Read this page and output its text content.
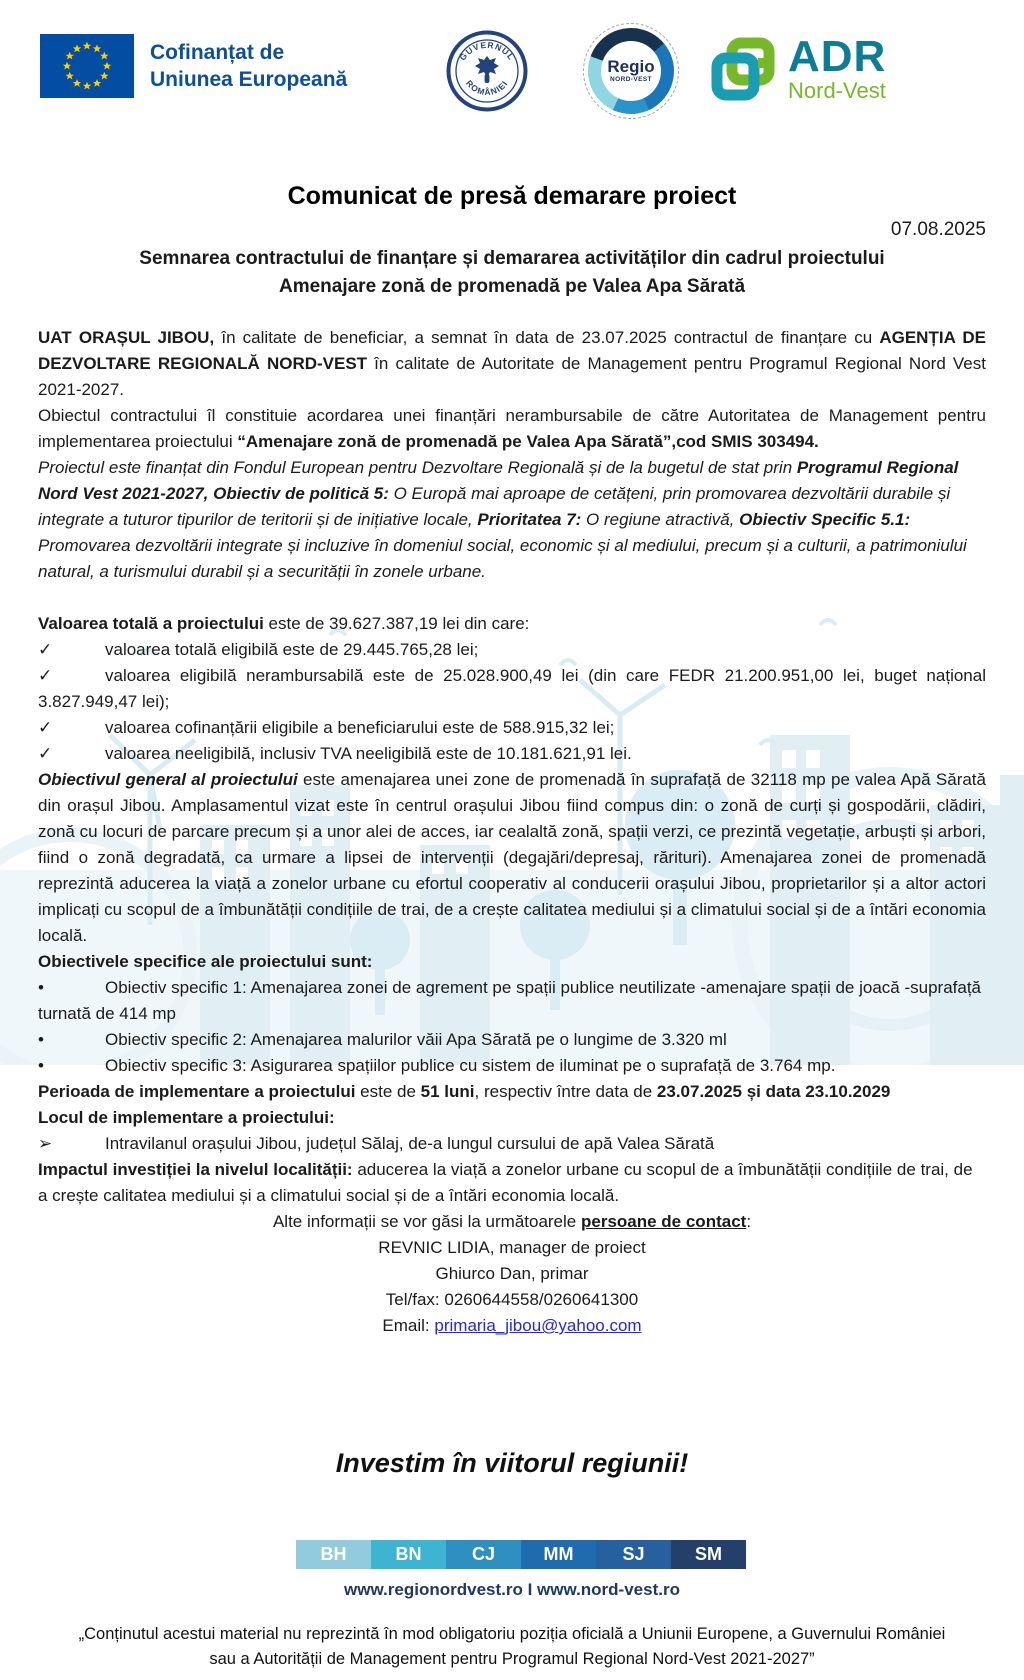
Cofinanțat de
Uniunea Europeană
GUVERNUL
ROMÂNIEI
Regio
NORD-VEST	ADR
Nord-Vest
Comunicat de presă demarare proiect
07.08.2025
Semnarea contractului de finanțare și demararea activităților din cadrul proiectului
Amenajare zonă de promenadă pe Valea Apa Sărată

UAT ORAȘUL JIBOU, în calitate de beneficiar, a semnat în data de 23.07.2025 contractul de finanțare cu AGENȚIA DE DEZVOLTARE REGIONALĂ NORD-VEST în calitate de Autoritate de Management pentru Programul Regional Nord Vest 2021-2027.

Obiectul contractului îl constituie acordarea unei finanțări nerambursabile de către Autoritatea de Management pentru implementarea proiectului “Amenajare zonă de promenadă pe Valea Apa Sărată”,cod SMIS 303494.

Proiectul este finanțat din Fondul European pentru Dezvoltare Regională și de la bugetul de stat prin Programul Regional Nord Vest 2021-2027, Obiectiv de politică 5: O Europă mai aproape de cetățeni, prin promovarea dezvoltării durabile și integrate a tuturor tipurilor de teritorii și de inițiative locale, Prioritatea 7: O regiune atractivă, Obiectiv Specific 5.1: Promovarea dezvoltării integrate și incluzive în domeniul social, economic și al mediului, precum și a culturii, a patrimoniului natural, a turismului durabil și a securității în zonele urbane.

Valoarea totală a proiectului este de 39.627.387,19 lei din care:

✓	valoarea totală eligibilă este de 29.445.765,28 lei;

✓	valoarea eligibilă nerambursabilă este de 25.028.900,49 lei (din care FEDR 21.200.951,00 lei, buget național 3.827.949,47 lei);

✓	valoarea cofinanțării eligibile a beneficiarului este de 588.915,32 lei;

✓	valoarea neeligibilă, inclusiv TVA neeligibilă este de 10.181.621,91 lei.

Obiectivul general al proiectului este amenajarea unei zone de promenadă în suprafață de 32118 mp pe valea Apă Sărată din orașul Jibou. Amplasamentul vizat este în centrul orașului Jibou fiind compus din: o zonă de curți și gospodării, clădiri, zonă cu locuri de parcare precum și a unor alei de acces, iar cealaltă zonă, spații verzi, ce prezintă vegetație, arbuști și arbori, fiind o zonă degradată, ca urmare a lipsei de intervenții (degajări/depresaj, rărituri). Amenajarea zonei de promenadă reprezintă aducerea la viață a zonelor urbane cu efortul cooperativ al conducerii orașului Jibou, proprietarilor și a altor actori implicați cu scopul de a îmbunătății condițiile de trai, de a crește calitatea mediului și a climatului social și de a întări economia locală.

Obiectivele specifice ale proiectului sunt:

•	Obiectiv specific 1: Amenajarea zonei de agrement pe spații publice neutilizate -amenajare spații de joacă -suprafață turnată de 414 mp

•	Obiectiv specific 2: Amenajarea malurilor văii Apa Sărată pe o lungime de 3.320 ml

•	Obiectiv specific 3: Asigurarea spațiilor publice cu sistem de iluminat pe o suprafață de 3.764 mp.

Perioada de implementare a proiectului este de 51 luni, respectiv între data de 23.07.2025 și data 23.10.2029

Locul de implementare a proiectului:

➢	Intravilanul orașului Jibou, județul Sălaj, de-a lungul cursului de apă Valea Sărată

Impactul investiției la nivelul localității: aducerea la viață a zonelor urbane cu scopul de a îmbunătății condițiile de trai, de a crește calitatea mediului și a climatului social și de a întări economia locală.

Alte informații se vor găsi la următoarele persoane de contact:

REVNIC LIDIA, manager de proiect

Ghiurco Dan, primar

Tel/fax: 0260644558/0260641300

Email: primaria_jibou@yahoo.com

Investim în viitorul regiunii!
BH	BN	CJ	MM	SJ	SM
www.regionordvest.ro I www.nord-vest.ro
„Conținutul acestui material nu reprezintă în mod obligatoriu poziția oficială a Uniunii Europene, a Guvernului României sau a Autorității de Management pentru Programul Regional Nord-Vest 2021-2027”
